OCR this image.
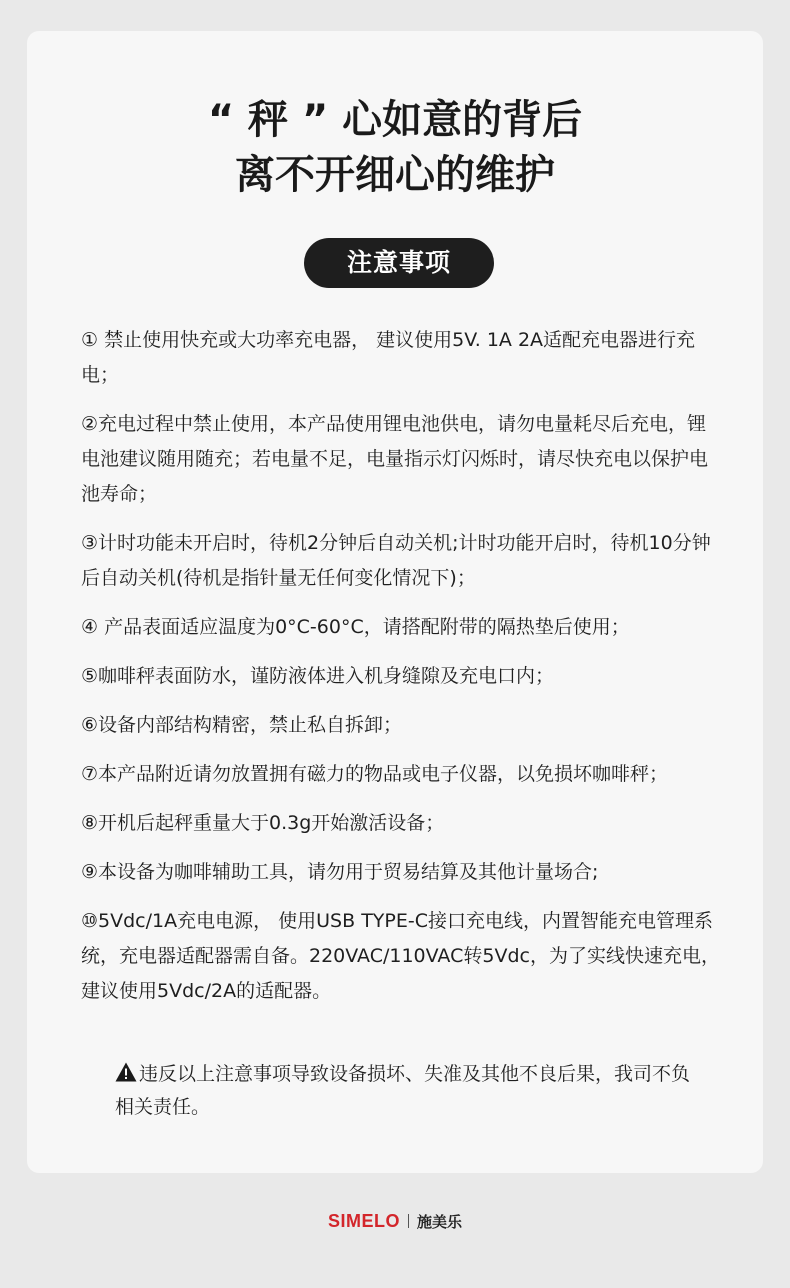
“ 秤 ” 心如意的背后
离不开细心的维护
注意事项

① 禁止使用快充或大功率充电器， 建议使用5V. 1A 2A适配充电器进行充电；

②充电过程中禁止使用，本产品使用锂电池供电，请勿电量耗尽后充电，锂电池建议随用随充；若电量不足，电量指示灯闪烁时，请尽快充电以保护电池寿命；

③计时功能未开启时，待机2分钟后自动关机;计时功能开启时，待机10分钟后自动关机(待机是指针量无任何变化情况下)；

④ 产品表面适应温度为0°C-60°C，请搭配附带的隔热垫后使用；

⑤咖啡秤表面防水，谨防液体进入机身缝隙及充电口内；

⑥设备内部结构精密，禁止私自拆卸；

⑦本产品附近请勿放置拥有磁力的物品或电子仪器，以免损坏咖啡秤；

⑧开机后起秤重量大于0.3g开始激活设备；

⑨本设备为咖啡辅助工具，请勿用于贸易结算及其他计量场合;

⑩5Vdc/1A充电电源， 使用USB TYPE-C接口充电线，内置智能充电管理系统，充电器适配器需自备。220VAC/110VAC转5Vdc，为了实线快速充电，建议使用5Vdc/2A的适配器。

违反以上注意事项导致设备损坏、失准及其他不良后果，我司不负相关责任。
SIMELO 施美乐
